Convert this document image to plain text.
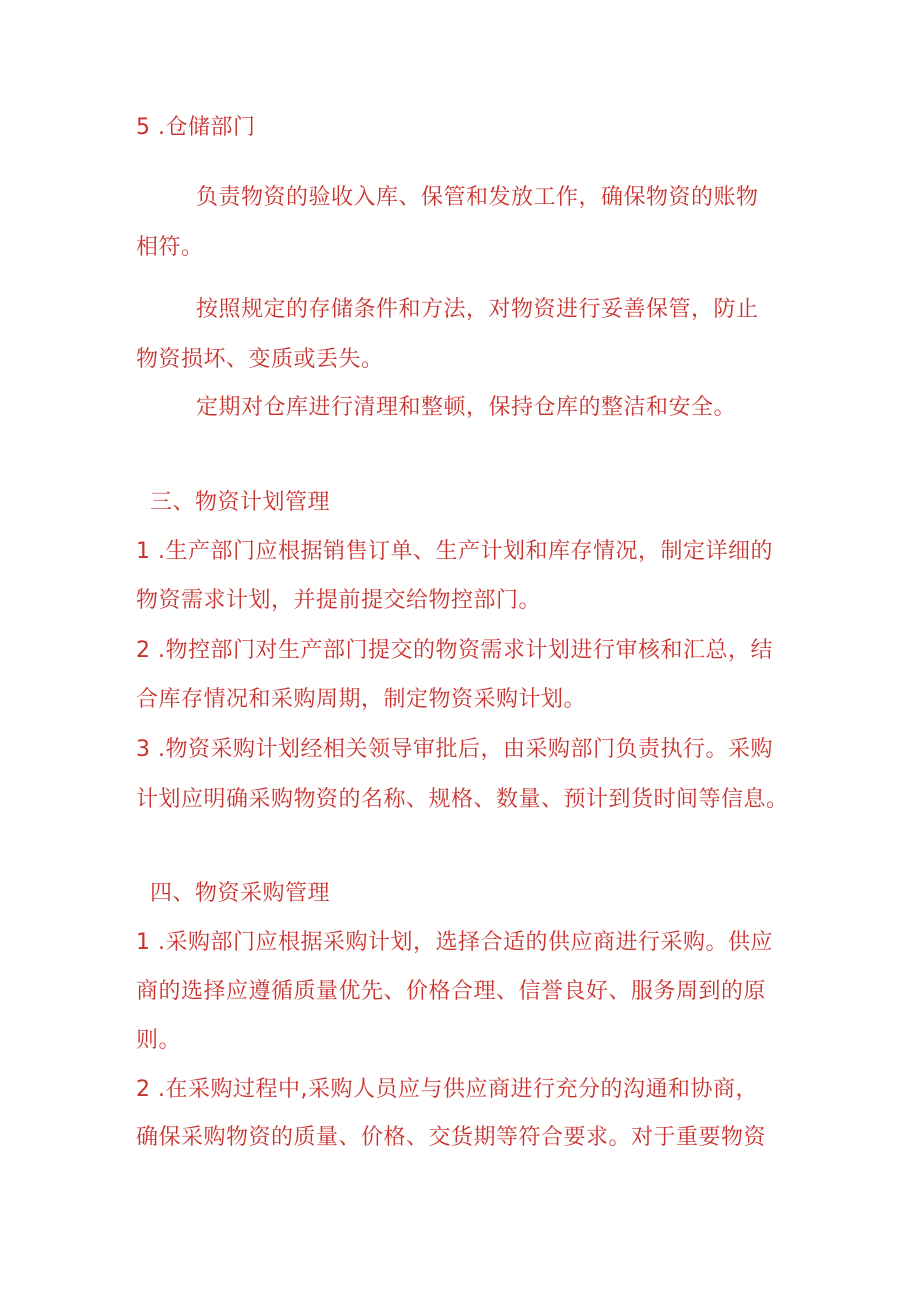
5 .仓储部门
负责物资的验收入库、保管和发放工作，确保物资的账物
相符。
按照规定的存储条件和方法，对物资进行妥善保管，防止
物资损坏、变质或丢失。
定期对仓库进行清理和整顿，保持仓库的整洁和安全。
三、物资计划管理
1 .生产部门应根据销售订单、生产计划和库存情况，制定详细的
物资需求计划，并提前提交给物控部门。
2 .物控部门对生产部门提交的物资需求计划进行审核和汇总，结
合库存情况和采购周期，制定物资采购计划。
3 .物资采购计划经相关领导审批后，由采购部门负责执行。采购
计划应明确采购物资的名称、规格、数量、预计到货时间等信息。
四、物资采购管理
1 .采购部门应根据采购计划，选择合适的供应商进行采购。供应
商的选择应遵循质量优先、价格合理、信誉良好、服务周到的原
则。
2 .在采购过程中,采购人员应与供应商进行充分的沟通和协商，
确保采购物资的质量、价格、交货期等符合要求。对于重要物资
